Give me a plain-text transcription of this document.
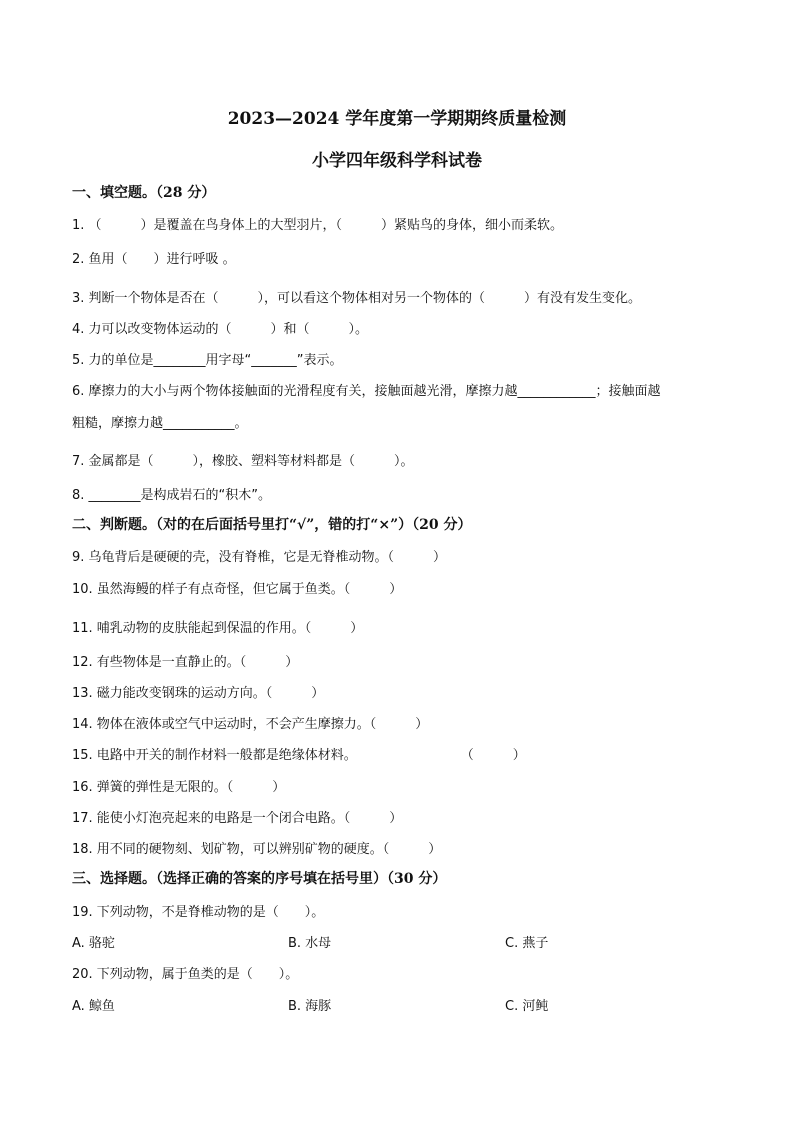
2023—2024 学年度第一学期期终质量检测
小学四年级科学科试卷
一、填空题。（28 分）
1. （　　　）是覆盖在鸟身体上的大型羽片，（　　　）紧贴鸟的身体，细小而柔软。
2. 鱼用（　　）进行呼吸 。
3. 判断一个物体是否在（　　　），可以看这个物体相对另一个物体的（　　　）有没有发生变化。
4. 力可以改变物体运动的（　　　）和（　　　）。
5. 力的单位是________用字母“_______”表示。
6. 摩擦力的大小与两个物体接触面的光滑程度有关，接触面越光滑，摩擦力越____________；接触面越
粗糙，摩擦力越___________。
7. 金属都是（　　　），橡胶、塑料等材料都是（　　　）。
8. ________是构成岩石的“积木”。
二、判断题。（对的在后面括号里打“√”，错的打“×”）（20 分）
9. 乌龟背后是硬硬的壳，没有脊椎，它是无脊椎动物。（　　　）
10. 虽然海鳗的样子有点奇怪，但它属于鱼类。（　　　）
11. 哺乳动物的皮肤能起到保温的作用。（　　　）
12. 有些物体是一直静止的。（　　　）
13. 磁力能改变钢珠的运动方向。（　　　）
14. 物体在液体或空气中运动时，不会产生摩擦力。（　　　）
15. 电路中开关的制作材料一般都是绝缘体材料。　　　　　　　　　（　　　）
16. 弹簧的弹性是无限的。（　　　）
17. 能使小灯泡亮起来的电路是一个闭合电路。（　　　）
18. 用不同的硬物刻、划矿物，可以辨别矿物的硬度。（　　　）
三、选择题。（选择正确的答案的序号填在括号里）（30 分）
19. 下列动物，不是脊椎动物的是（　　）。
A. 骆驼	B. 水母	C. 燕子
20. 下列动物，属于鱼类的是（　　）。
A. 鲸鱼	B. 海豚	C. 河鲀
